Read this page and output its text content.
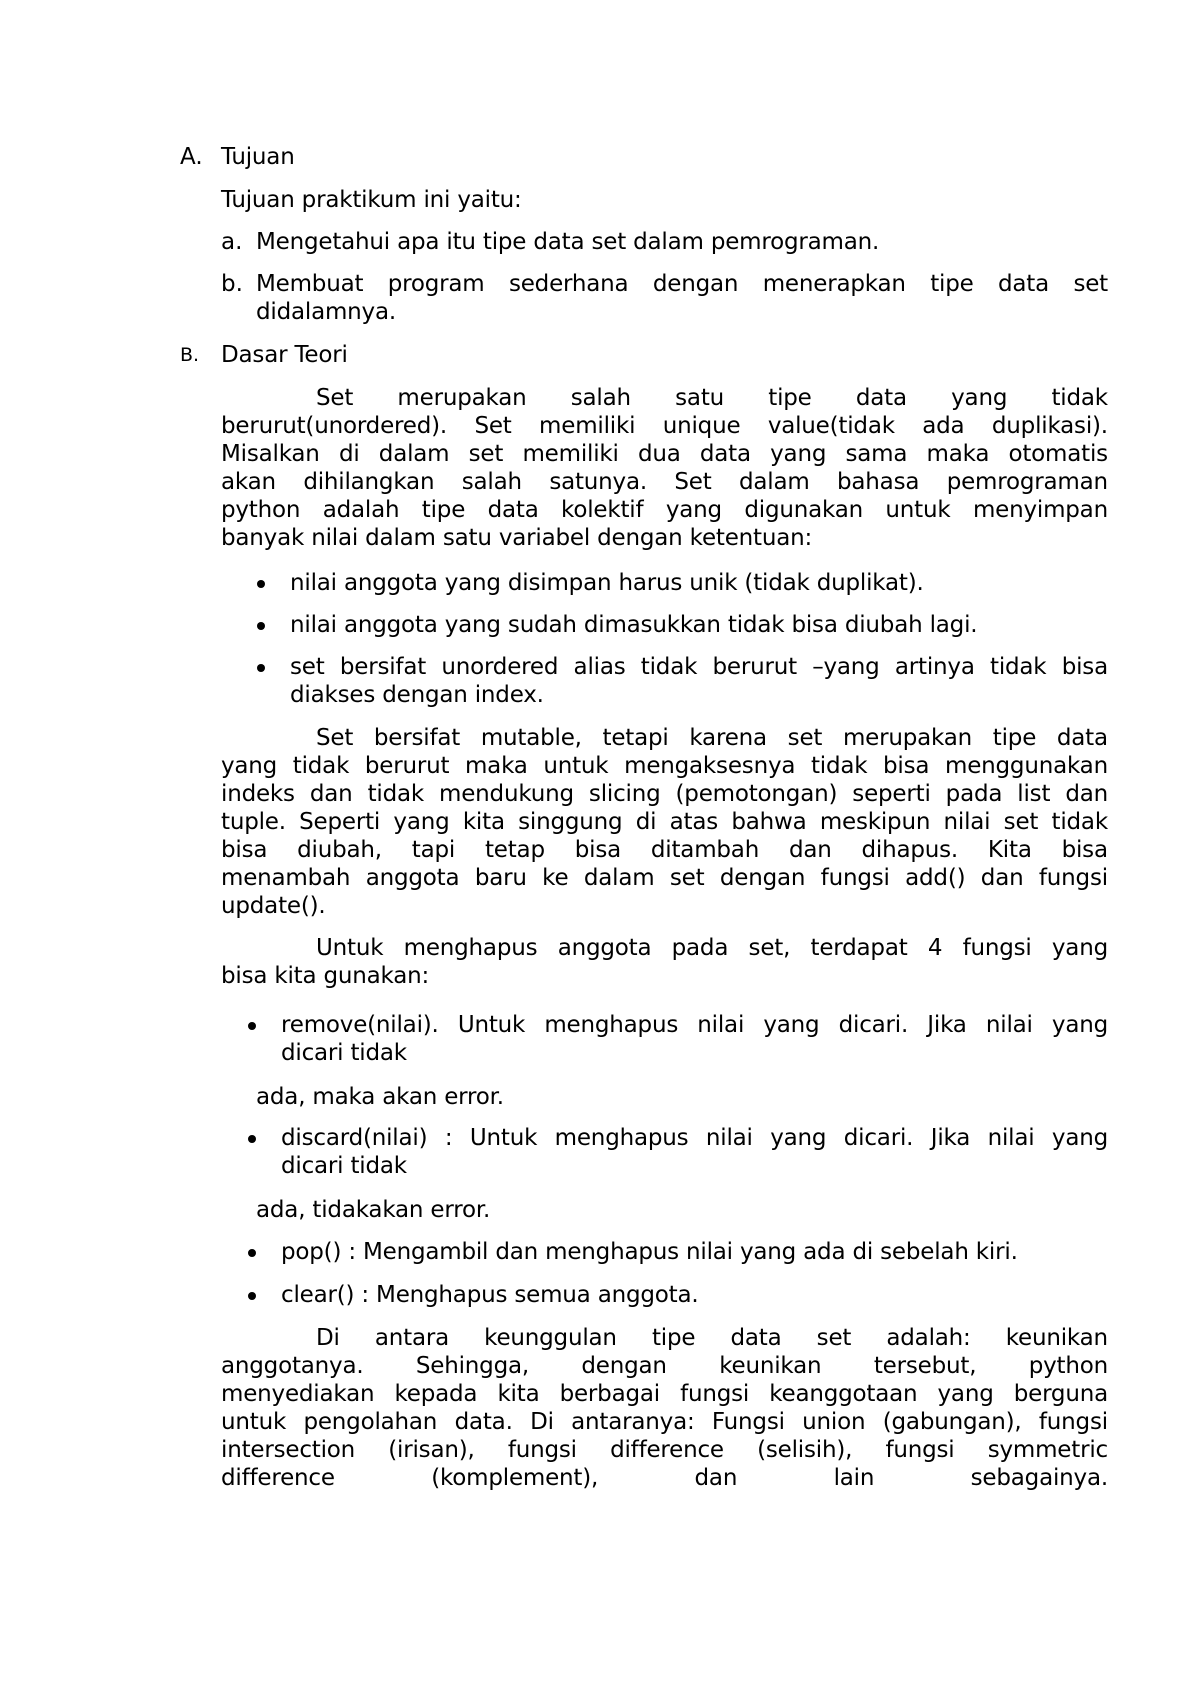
A. Tujuan
Tujuan praktikum ini yaitu:
a. Mengetahui apa itu tipe data set dalam pemrograman.
b. Membuat program sederhana dengan menerapkan tipe data set
didalamnya.
B. Dasar Teori
Set merupakan salah satu tipe data yang tidak
berurut(unordered). Set memiliki unique value(tidak ada duplikasi).
Misalkan di dalam set memiliki dua data yang sama maka otomatis
akan dihilangkan salah satunya. Set dalam bahasa pemrograman
python adalah tipe data kolektif yang digunakan untuk menyimpan
banyak nilai dalam satu variabel dengan ketentuan:
nilai anggota yang disimpan harus unik (tidak duplikat).
nilai anggota yang sudah dimasukkan tidak bisa diubah lagi.
set bersifat unordered alias tidak berurut –yang artinya tidak bisa
diakses dengan index.
Set bersifat mutable, tetapi karena set merupakan tipe data
yang tidak berurut maka untuk mengaksesnya tidak bisa menggunakan
indeks dan tidak mendukung slicing (pemotongan) seperti pada list dan
tuple. Seperti yang kita singgung di atas bahwa meskipun nilai set tidak
bisa diubah, tapi tetap bisa ditambah dan dihapus. Kita bisa
menambah anggota baru ke dalam set dengan fungsi add() dan fungsi
update().
Untuk menghapus anggota pada set, terdapat 4 fungsi yang
bisa kita gunakan:
remove(nilai). Untuk menghapus nilai yang dicari. Jika nilai yang
dicari tidak
ada, maka akan error.
discard(nilai) : Untuk menghapus nilai yang dicari. Jika nilai yang
dicari tidak
ada, tidakakan error.
pop() : Mengambil dan menghapus nilai yang ada di sebelah kiri.
clear() : Menghapus semua anggota.
Di antara keunggulan tipe data set adalah: keunikan
anggotanya. Sehingga, dengan keunikan tersebut, python
menyediakan kepada kita berbagai fungsi keanggotaan yang berguna
untuk pengolahan data. Di antaranya: Fungsi union (gabungan), fungsi
intersection (irisan), fungsi difference (selisih), fungsi symmetric
difference	(komplement),	dan	lain	sebagainya.
